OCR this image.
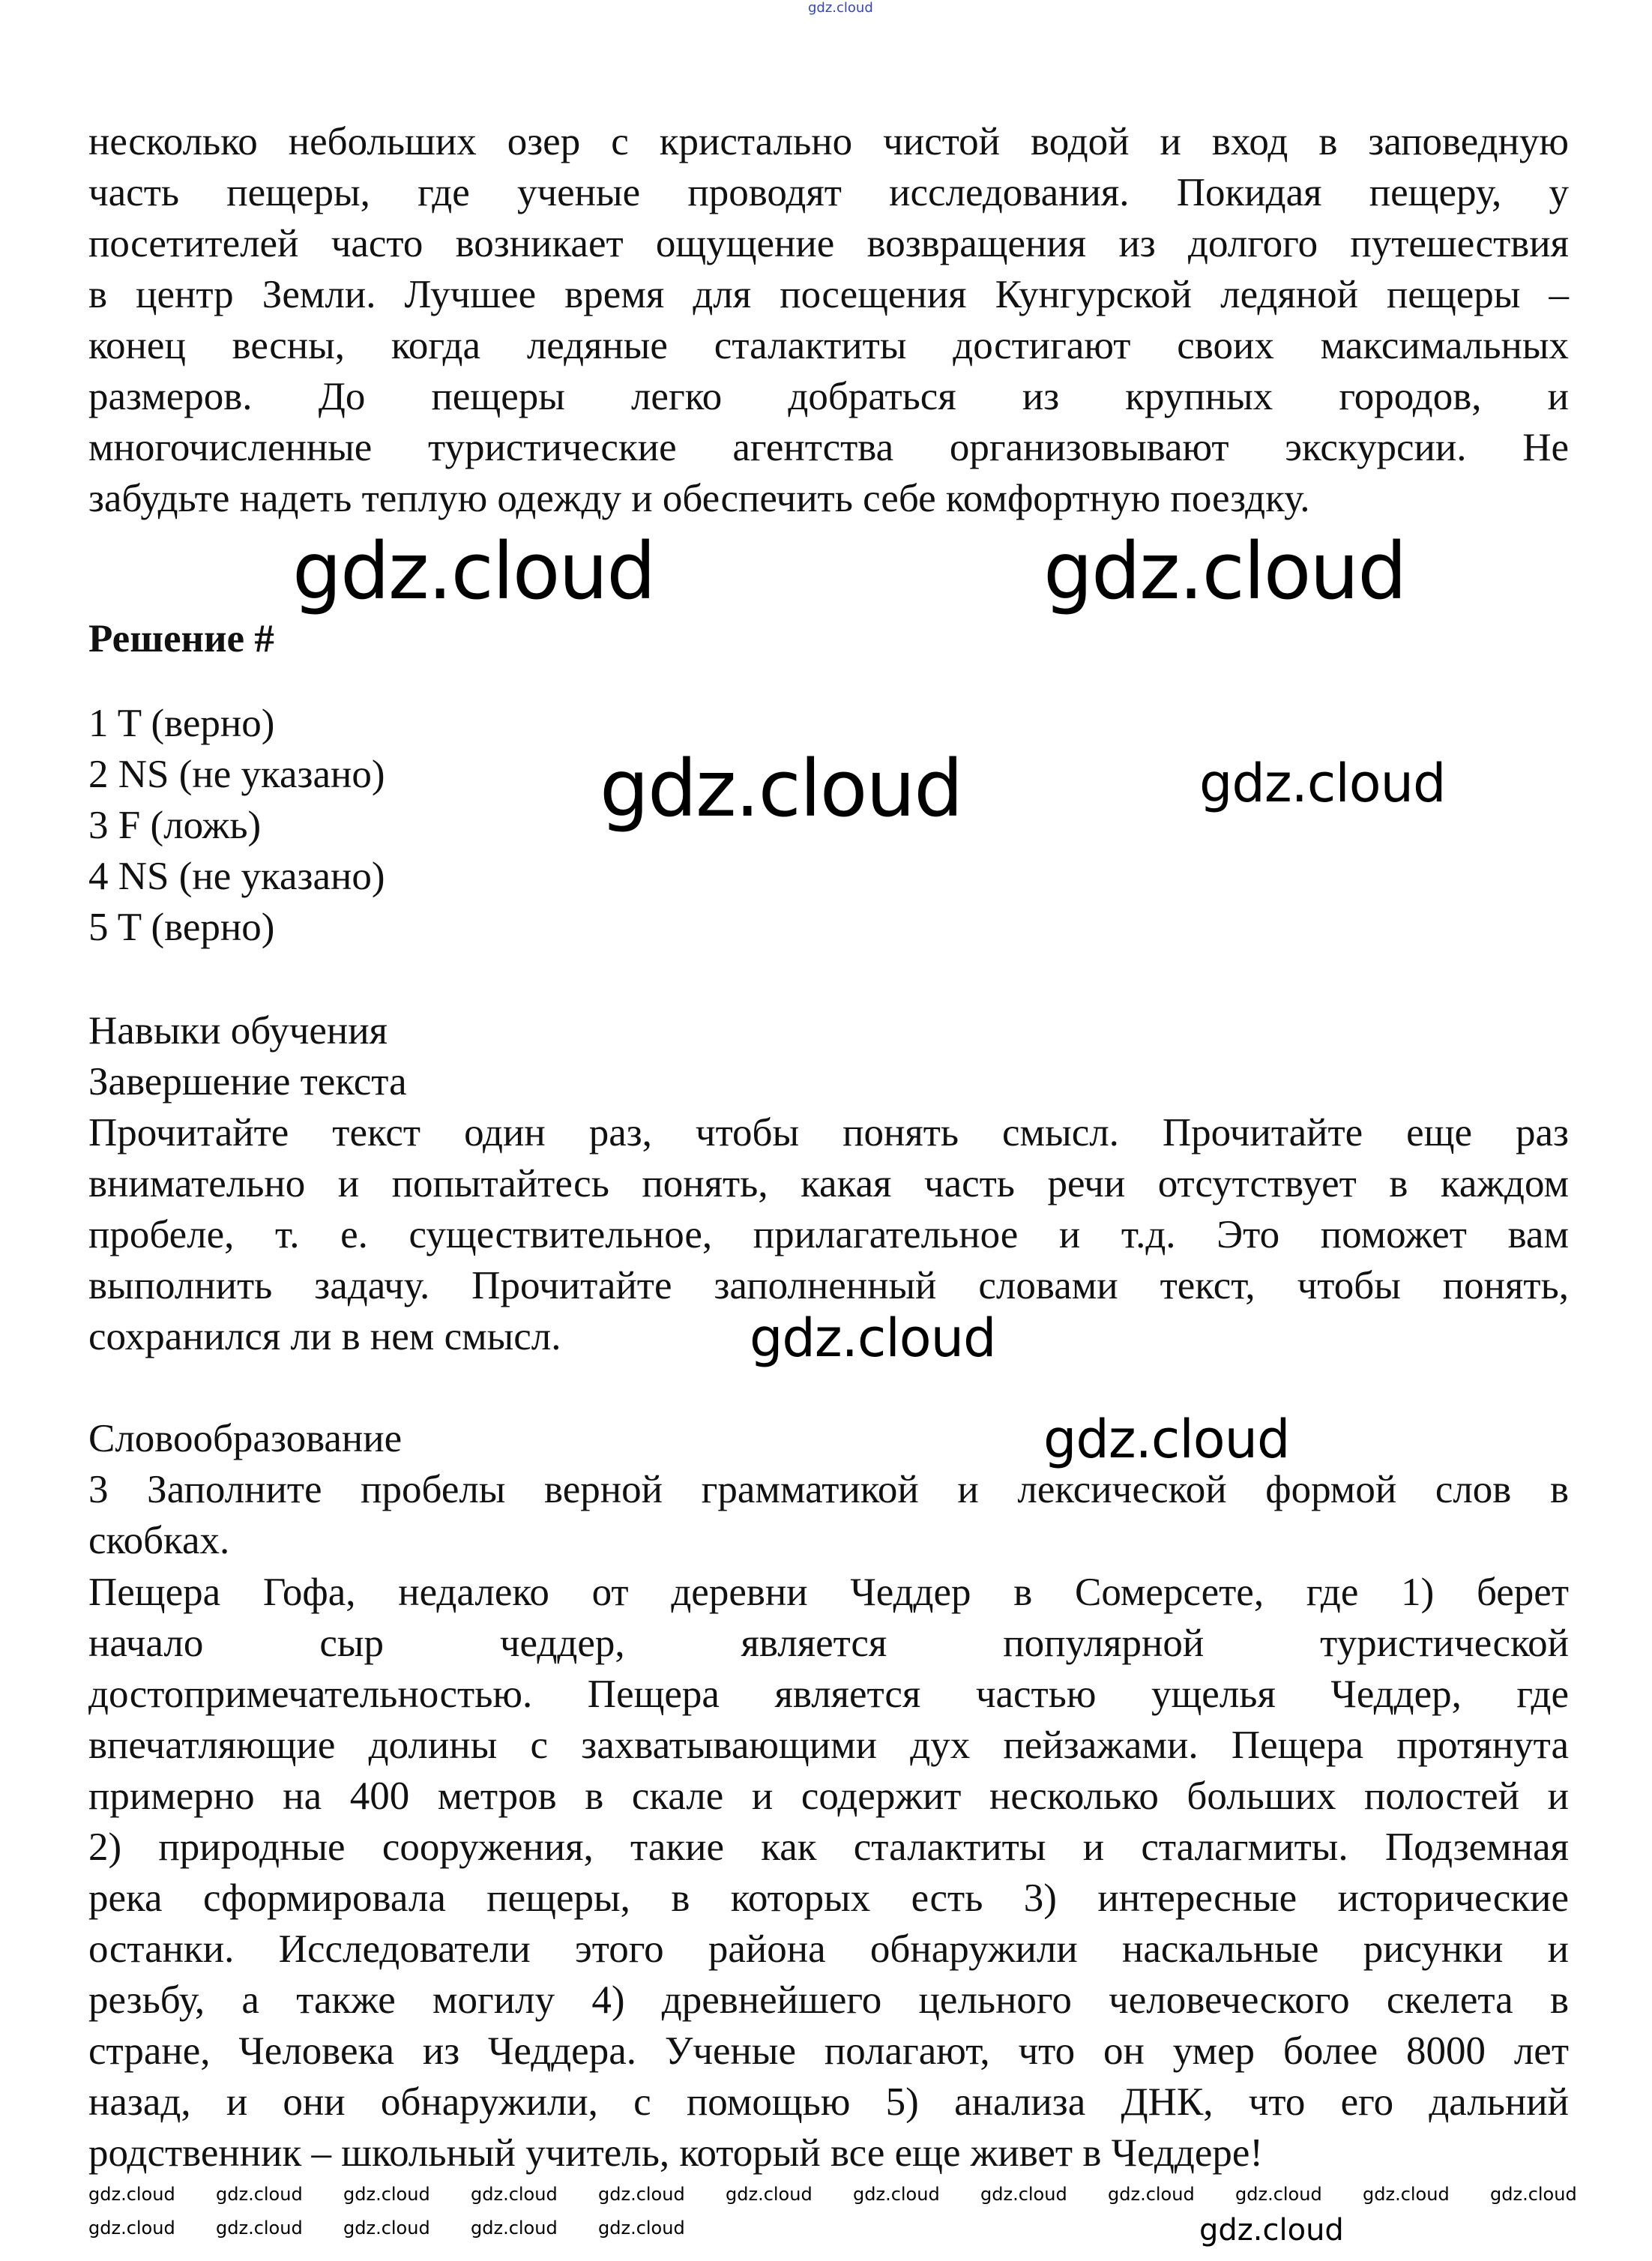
несколько небольших озер с кристально чистой водой и вход в заповедную
часть пещеры, где ученые проводят исследования. Покидая пещеру, у
посетителей часто возникает ощущение возвращения из долгого путешествия
в центр Земли. Лучшее время для посещения Кунгурской ледяной пещеры –
конец весны, когда ледяные сталактиты достигают своих максимальных
размеров. До пещеры легко добраться из крупных городов, и
многочисленные туристические агентства организовывают экскурсии. Не
забудьте надеть теплую одежду и обеспечить себе комфортную поездку.
Решение #
1 T (верно)
2 NS (не указано)
3 F (ложь)
4 NS (не указано)
5 T (верно)
Навыки обучения
Завершение текста
Прочитайте текст один раз, чтобы понять смысл. Прочитайте еще раз
внимательно и попытайтесь понять, какая часть речи отсутствует в каждом
пробеле, т. е. существительное, прилагательное и т.д. Это поможет вам
выполнить задачу. Прочитайте заполненный словами текст, чтобы понять,
сохранился ли в нем смысл.
Словообразование
3 Заполните пробелы верной грамматикой и лексической формой слов в
скобках.
Пещера Гофа, недалеко от деревни Чеддер в Сомерсете, где 1) берет
начало сыр чеддер, является популярной туристической
достопримечательностью. Пещера является частью ущелья Чеддер, где
впечатляющие долины с захватывающими дух пейзажами. Пещера протянута
примерно на 400 метров в скале и содержит несколько больших полостей и
2) природные сооружения, такие как сталактиты и сталагмиты. Подземная
река сформировала пещеры, в которых есть 3) интересные исторические
останки. Исследователи этого района обнаружили наскальные рисунки и
резьбу, а также могилу 4) древнейшего цельного человеческого скелета в
стране, Человека из Чеддера. Ученые полагают, что он умер более 8000 лет
назад, и они обнаружили, с помощью 5) анализа ДНК, что его дальний
родственник – школьный учитель, который все еще живет в Чеддере!
gdz.cloud
gdz.cloud	gdz.cloud
gdz.cloud	gdz.cloud
gdz.cloud
gdz.cloud
gdz.cloud
gdz.cloud gdz.cloud gdz.cloud gdz.cloud gdz.cloud gdz.cloud gdz.cloud gdz.cloud gdz.cloud gdz.cloud gdz.cloud gdz.cloud
gdz.cloud gdz.cloud gdz.cloud gdz.cloud gdz.cloud
